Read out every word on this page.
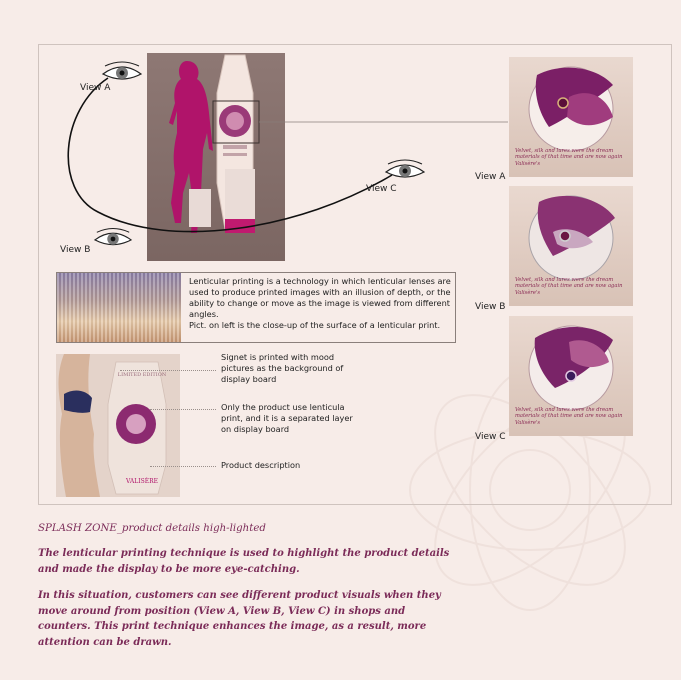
View A
View B
View C

Lenticular printing is a technology in which lenticular lenses are used to produce printed images with an illusion of depth, or the ability to change or move as the image is viewed from different angles.

Pict. on left is the close-up of the surface of a lenticular print.

LIMITED EDITION
VALISÈRE
Signet is printed with mood pictures as the background of display board
Only the product use lenticula print, and it is a separated layer on display board
Product description
View A
Velvet, silk and lures were the dream materials of that time and are now again Valisère's
View B
Velvet, silk and lures were the dream materials of that time and are now again Valisère's
View C
Velvet, silk and lures were the dream materials of that time and are now again Valisère's
SPLASH ZONE_product details high-lighted

The lenticular printing technique is used to highlight the product details and made the display to be more eye-catching.

In this situation, customers can see different product visuals when they move around from position (View A, View B, View C) in shops and counters. This print technique enhances the image, as a result, more attention can be drawn.
